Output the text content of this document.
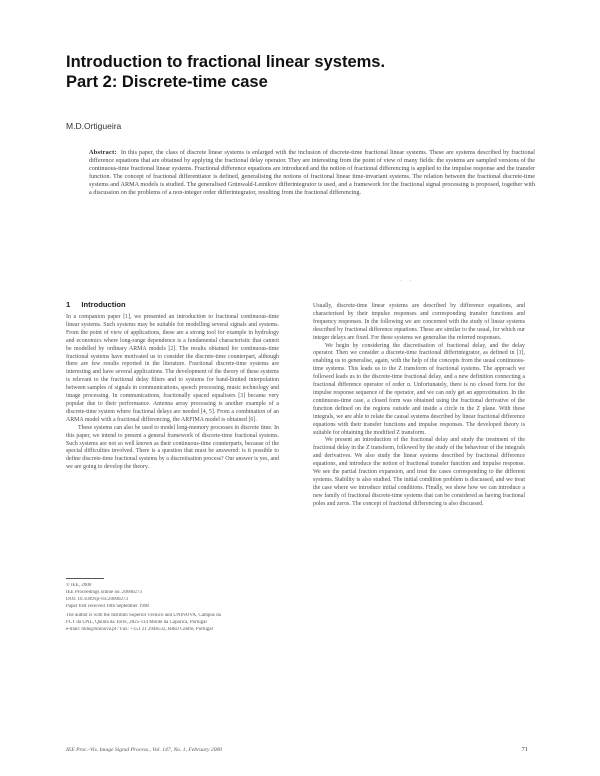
Introduction to fractional linear systems.
Part 2: Discrete-time case
M.D.Ortigueira
Abstract: In this paper, the class of discrete linear systems is enlarged with the inclusion of discrete-time fractional linear systems. These are systems described by fractional difference equations that are obtained by applying the fractional delay operator. They are interesting from the point of view of many fields: the systems are sampled versions of the continuous-time fractional linear systems. Fractional difference equations are introduced and the notion of fractional differencing is applied to the impulse response and the transfer function. The concept of fractional differentiator is defined, generalising the notions of fractional linear time-invariant systems. The relation between the fractional discrete-time systems and ARMA models is studied. The generalised Grünwald-Letnikov differintegrator is used, and a framework for the fractional signal processing is proposed, together with a discussion on the problems of a non-integer order differintegrator, resulting from the fractional differencing.
· ·
1 Introduction

In a companion paper [1], we presented an introduction to fractional continuous-time linear systems. Such systems may be suitable for modelling several signals and systems. From the point of view of applications, these are a strong tool for example in hydrology and economics where long-range dependence is a fundamental characteristic that cannot be modelled by ordinary ARMA models [2]. The results obtained for continuous-time fractional systems have motivated us to consider the discrete-time counterpart, although there are few results reported in the literature. Fractional discrete-time systems are interesting and have several applications. The development of the theory of these systems is relevant to the fractional delay filters and to systems for band-limited interpolation between samples of signals in communications, speech processing, music technology and image processing. In communications, fractionally spaced equalisers [3] became very popular due to their performance. Antenna array processing is another example of a discrete-time system where fractional delays are needed [4, 5]. From a combination of an ARMA model with a fractional differencing, the ARFIMA model is obtained [6].

These systems can also be used to model long-memory processes in discrete time. In this paper, we intend to present a general framework of discrete-time fractional systems. Such systems are not so well known as their continuous-time counterparts, because of the special difficulties involved. There is a question that must be answered: is it possible to define discrete-time fractional systems by a discretisation process? Our answer is yes, and we are going to develop the theory.

Usually, discrete-time linear systems are described by difference equations, and characterised by their impulse responses and corresponding transfer functions and frequency responses. In the following we are concerned with the study of linear systems described by fractional difference equations. These are similar to the usual, for which our integer delays are fixed. For these systems we generalise the referred responses.

We begin by considering the discretisation of fractional delay, and the delay operator. Then we consider a discrete-time fractional differintegrator, as defined in [1], enabling us to generalise, again, with the help of the concepts from the usual continuous-time systems. This leads us to the Z transform of fractional systems. The approach we followed leads us to the discrete-time fractional delay, and a new definition connecting a fractional difference operator of order α. Unfortunately, there is no closed form for the impulse response sequence of the operator, and we can only get an approximation. In the continuous-time case, a closed form was obtained using the fractional derivative of the function defined on the regions outside and inside a circle in the Z plane. With these integrals, we are able to relate the causal systems described by linear fractional difference equations with their transfer functions and impulse responses. The developed theory is suitable for obtaining the modified Z transform.

We present an introduction of the fractional delay and study the treatment of the fractional delay in the Z transform, followed by the study of the behaviour of the integrals and derivatives. We also study the linear systems described by fractional difference equations, and introduce the notion of fractional transfer function and impulse response. We see the partial fraction expansion, and treat the cases corresponding to the different systems. Stability is also studied. The initial condition problem is discussed, and we treat the case where we introduce initial conditions. Finally, we show how we can introduce a new family of fractional discrete-time systems that can be considered as having fractional poles and zeros. The concept of fractional differencing is also discussed.

© IEE, 2000
IEE Proceedings online no. 20000273
DOI: 10.1049/ip-vis:20000273
Paper first received 10th September 1998
The author is with the Instituto Superior Técnico and UNINOVA, Campus da
FCT da UNL, Quinta da Torre, 2825-114 Monte da Caparica, Portugal
e-mail: mdo@uninova.pt / Fax: +351 21 2948532, R&D Centre, Portugal
IEE Proc.-Vis. Image Signal Process., Vol. 147, No. 1, February 2000	71
